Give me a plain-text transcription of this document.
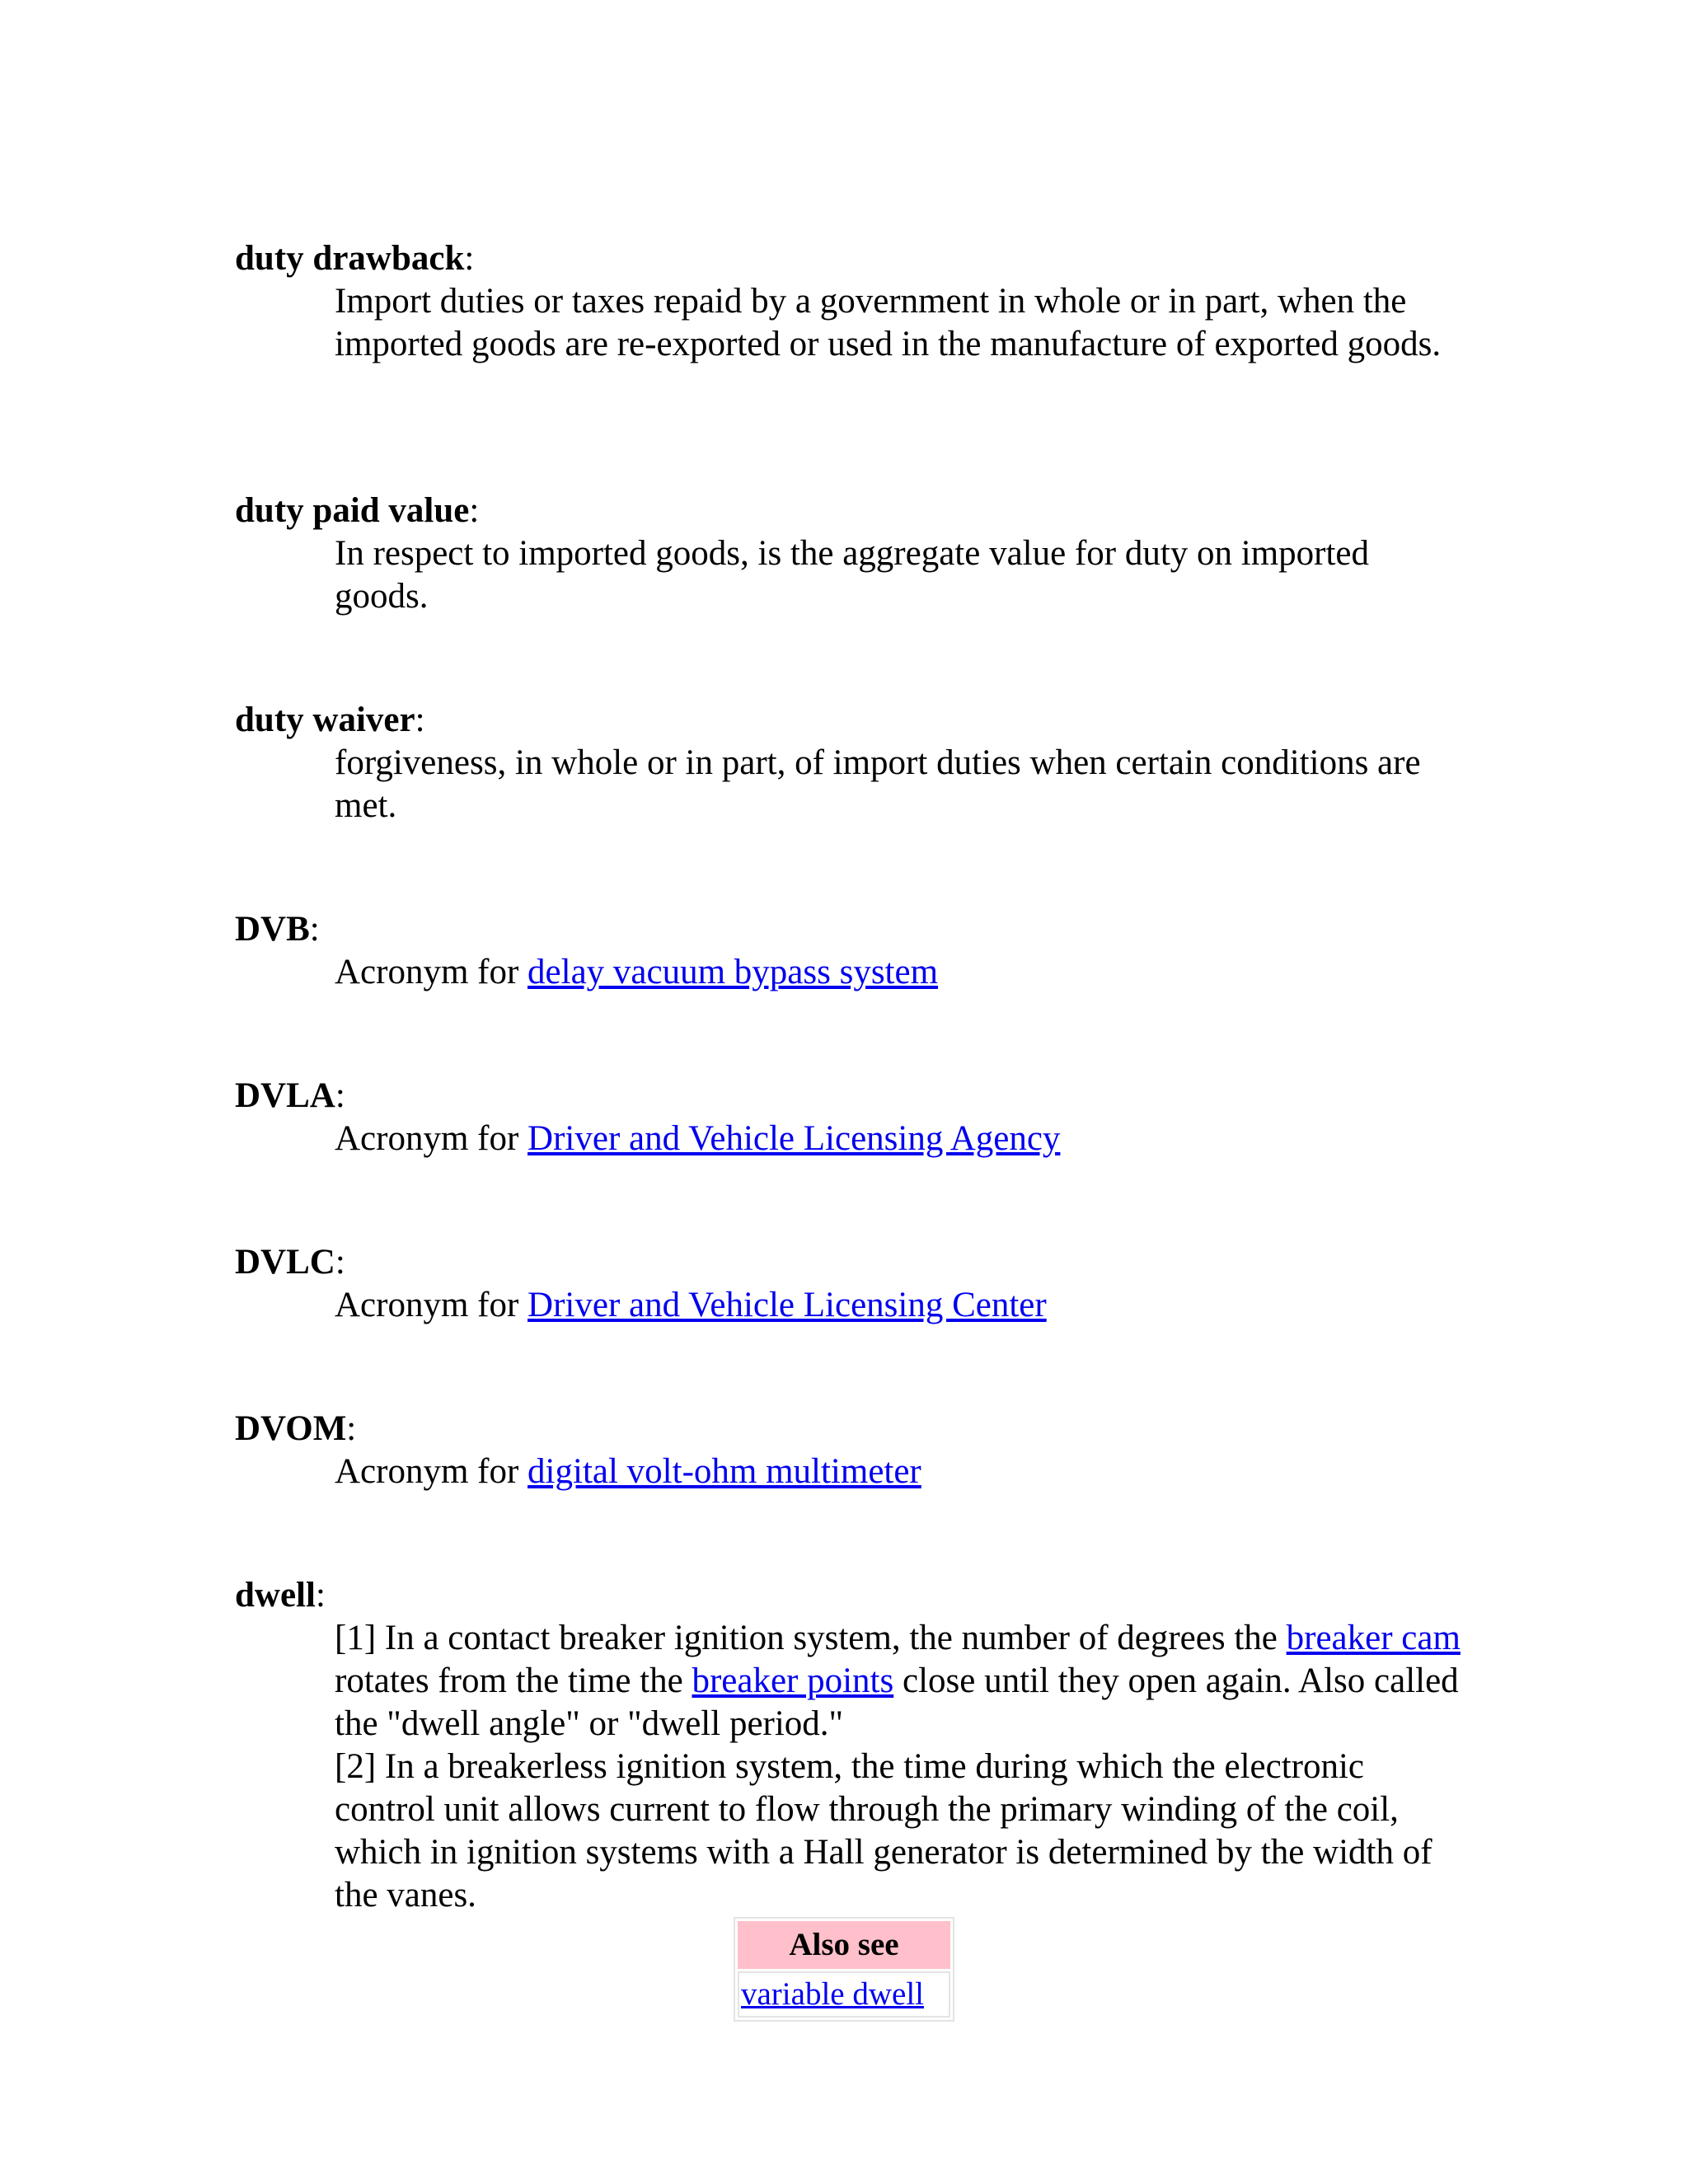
duty drawback:
Import duties or taxes repaid by a government in whole or in part, when the imported goods are re-exported or used in the manufacture of exported goods.
duty paid value:
In respect to imported goods, is the aggregate value for duty on imported goods.
duty waiver:
forgiveness, in whole or in part, of import duties when certain conditions are met.
DVB:
Acronym for delay vacuum bypass system
DVLA:
Acronym for Driver and Vehicle Licensing Agency
DVLC:
Acronym for Driver and Vehicle Licensing Center
DVOM:
Acronym for digital volt-ohm multimeter
dwell:
[1] In a contact breaker ignition system, the number of degrees the breaker cam rotates from the time the breaker points close until they open again. Also called the "dwell angle" or "dwell period."
[2] In a breakerless ignition system, the time during which the electronic control unit allows current to flow through the primary winding of the coil, which in ignition systems with a Hall generator is determined by the width of the vanes.
Also see
variable dwell
